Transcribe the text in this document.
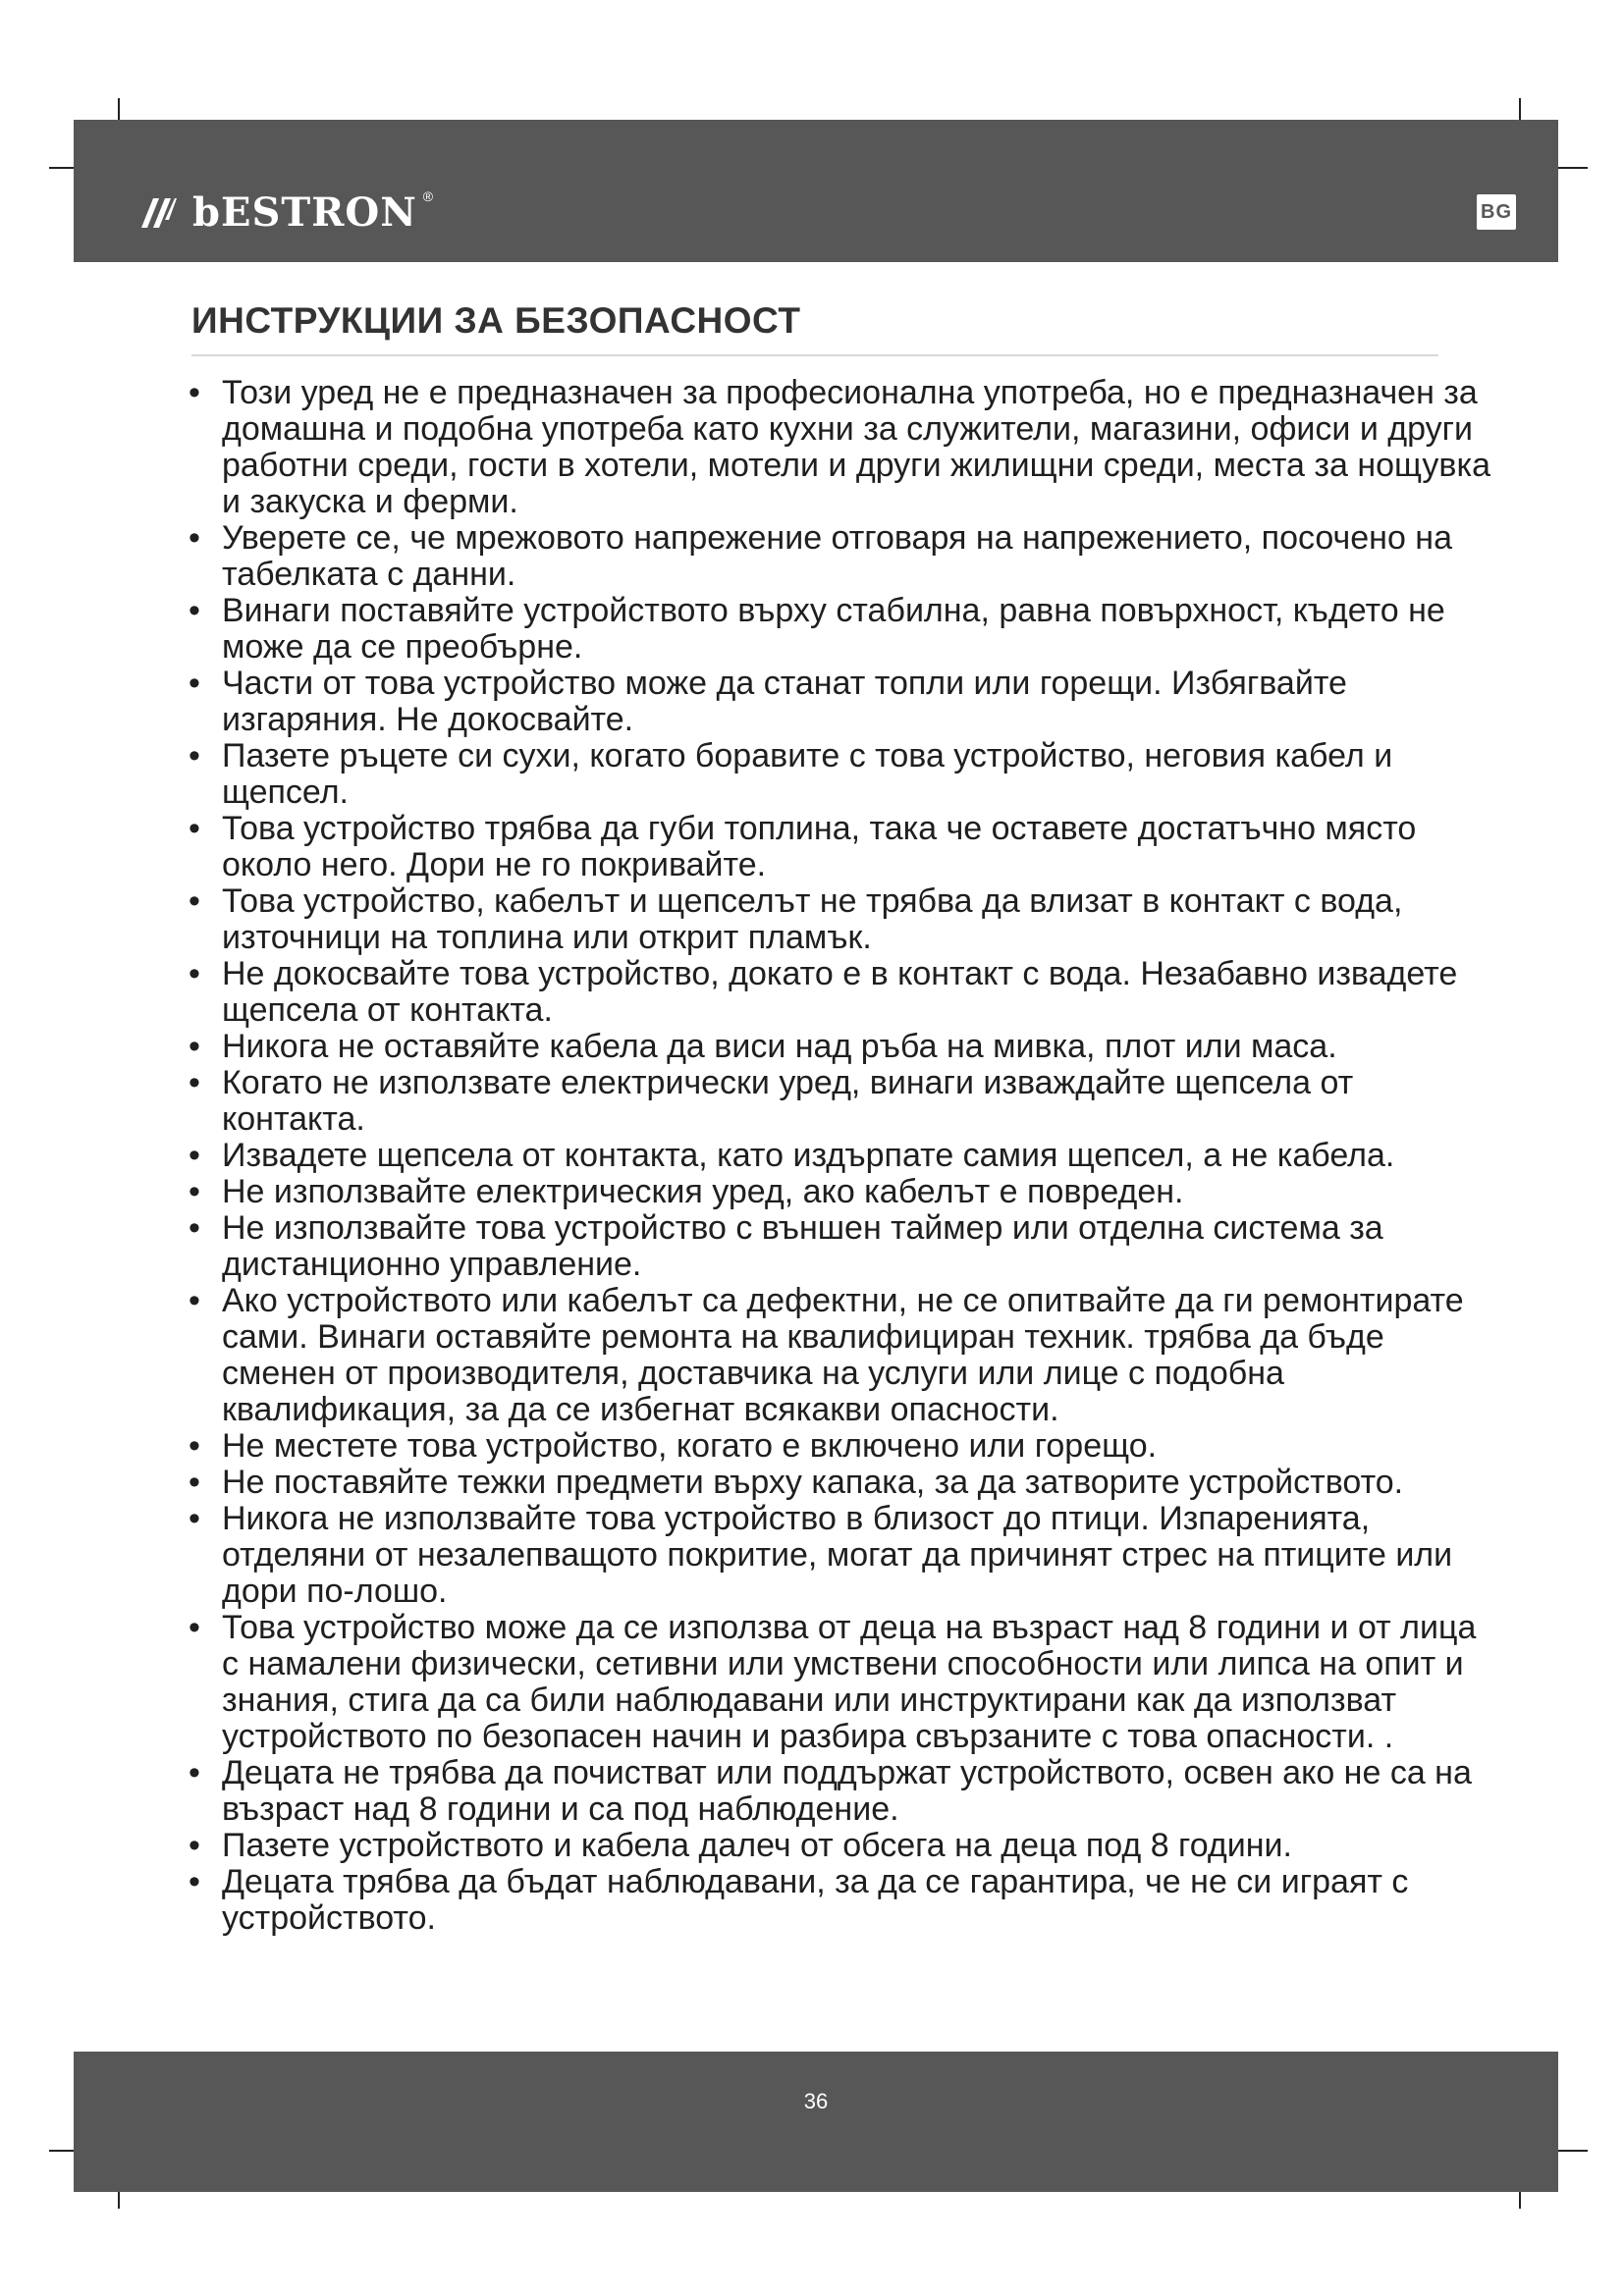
bESTRON ®
BG
ИНСТРУКЦИИ ЗА БЕЗОПАСНОСТ
• Този уред не е предназначен за професионална употреба, но е предназначен за домашна и подобна употреба като кухни за служители, магазини, офиси и други работни среди, гости в хотели, мотели и други жилищни среди, места за нощувка и закуска и ферми.
• Уверете се, че мрежовото напрежение отговаря на напрежението, посочено на табелката с данни.
• Винаги поставяйте устройството върху стабилна, равна повърхност, където не може да се преобърне.
• Части от това устройство може да станат топли или горещи. Избягвайте изгаряния. Не докосвайте.
• Пазете ръцете си сухи, когато боравите с това устройство, неговия кабел и щепсел.
• Това устройство трябва да губи топлина, така че оставете достатъчно място около него. Дори не го покривайте.
• Това устройство, кабелът и щепселът не трябва да влизат в контакт с вода, източници на топлина или открит пламък.
• Не докосвайте това устройство, докато е в контакт с вода. Незабавно извадете щепсела от контакта.
• Никога не оставяйте кабела да виси над ръба на мивка, плот или маса.
• Когато не използвате електрически уред, винаги изваждайте щепсела от контакта.
• Извадете щепсела от контакта, като издърпате самия щепсел, а не кабела.
• Не използвайте електрическия уред, ако кабелът е повреден.
• Не използвайте това устройство с външен таймер или отделна система за дистанционно управление.
• Ако устройството или кабелът са дефектни, не се опитвайте да ги ремонтирате сами. Винаги оставяйте ремонта на квалифициран техник. трябва да бъде сменен от производителя, доставчика на услуги или лице с подобна квалификация, за да се избегнат всякакви опасности.
• Не местете това устройство, когато е включено или горещо.
• Не поставяйте тежки предмети върху капака, за да затворите устройството.
• Никога не използвайте това устройство в близост до птици. Изпаренията, отделяни от незалепващото покритие, могат да причинят стрес на птиците или дори по-лошо.
• Това устройство може да се използва от деца на възраст над 8 години и от лица с намалени физически, сетивни или умствени способности или липса на опит и знания, стига да са били наблюдавани или инструктирани как да използват устройството по безопасен начин и разбира свързаните с това опасности. .
• Децата не трябва да почистват или поддържат устройството, освен ако не са на възраст над 8 години и са под наблюдение.
• Пазете устройството и кабела далеч от обсега на деца под 8 години.
• Децата трябва да бъдат наблюдавани, за да се гарантира, че не си играят с устройството.
36
